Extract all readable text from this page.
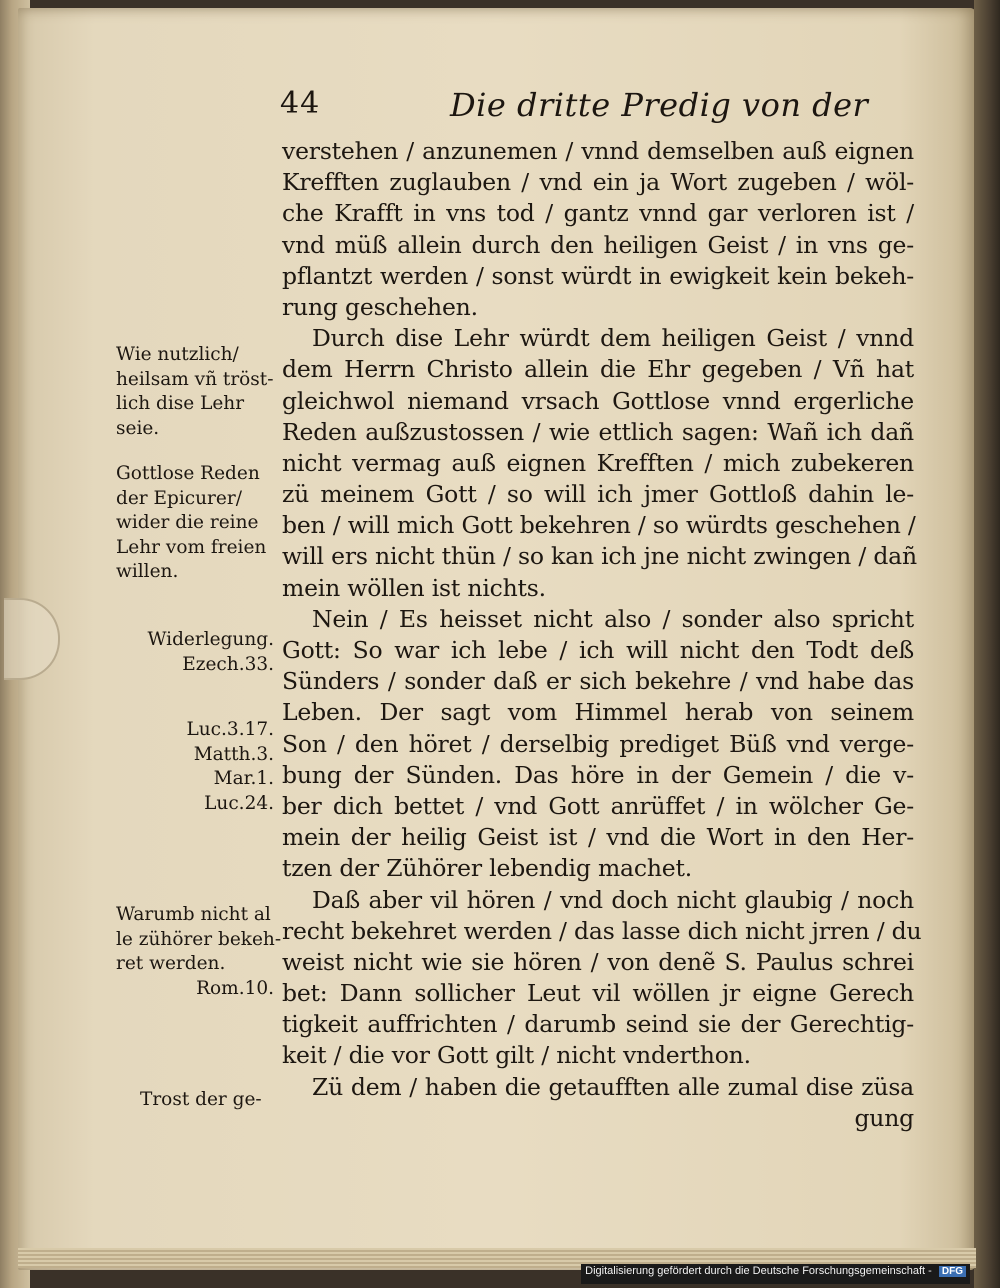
44	Die dritte Predig von der
verstehen / anzunemen / vnnd demselben auß eignen
Krefften zuglauben / vnd ein ja Wort zugeben / wöl-
che Krafft in vns tod / gantz vnnd gar verloren ist /
vnd müß allein durch den heiligen Geist / in vns ge-
pflantzt werden / sonst würdt in ewigkeit kein bekeh-
rung geschehen.
Durch dise Lehr würdt dem heiligen Geist / vnnd
dem Herrn Christo allein die Ehr gegeben / Vñ hat
gleichwol niemand vrsach Gottlose vnnd ergerliche
Reden außzustossen / wie ettlich sagen: Wañ ich dañ
nicht vermag auß eignen Krefften / mich zubekeren
zü meinem Gott / so will ich jmer Gottloß dahin le-
ben / will mich Gott bekehren / so würdts geschehen /
will ers nicht thün / so kan ich jne nicht zwingen / dañ
mein wöllen ist nichts.
Nein / Es heisset nicht also / sonder also spricht
Gott: So war ich lebe / ich will nicht den Todt deß
Sünders / sonder daß er sich bekehre / vnd habe das
Leben. Der sagt vom Himmel herab von seinem
Son / den höret / derselbig prediget Büß vnd verge-
bung der Sünden. Das höre in der Gemein / die v-
ber dich bettet / vnd Gott anrüffet / in wölcher Ge-
mein der heilig Geist ist / vnd die Wort in den Her-
tzen der Zühörer lebendig machet.
Daß aber vil hören / vnd doch nicht glaubig / noch
recht bekehret werden / das lasse dich nicht jrren / du
weist nicht wie sie hören / von denẽ S. Paulus schrei
bet: Dann sollicher Leut vil wöllen jr eigne Gerech
tigkeit auffrichten / darumb seind sie der Gerechtig-
keit / die vor Gott gilt / nicht vnderthon.
Zü dem / haben die getaufften alle zumal dise züsa
gung
Wie nutzlich/
heilsam vñ tröst-
lich dise Lehr
seie.
Gottlose Reden
der Epicurer/
wider die reine
Lehr vom freien
willen.
Widerlegung.
Ezech.33.
Luc.3.17.
Matth.3.
Mar.1.
Luc.24.
Warumb nicht al
le zühörer bekeh-
ret werden.
Rom.10.
Trost der ge-
Digitalisierung gefördert durch die Deutsche Forschungsgemeinschaft - DFG
